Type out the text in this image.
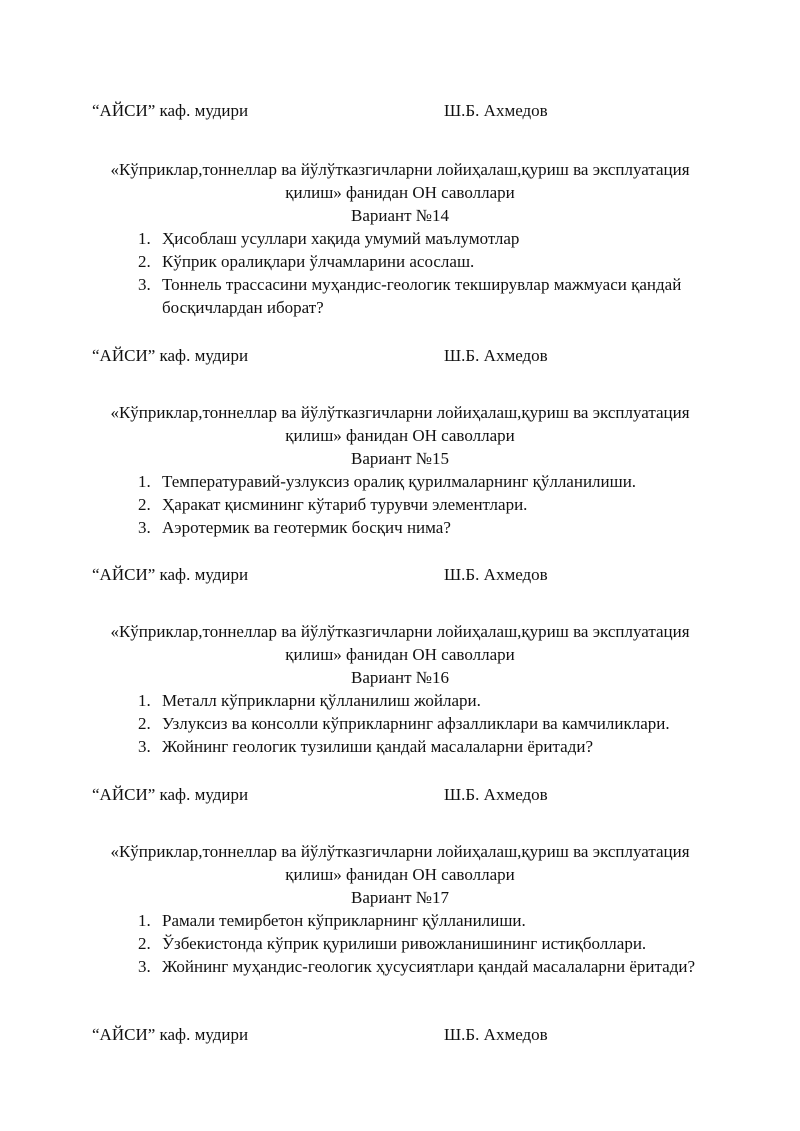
“АЙСИ” каф. мудири	Ш.Б. Ахмедов

«Кўприклар,тоннеллар ва йўлўтказгичларни лойиҳалаш,қуриш ва эксплуатация

қилиш» фанидан ОН саволлари

Вариант №14

1. Ҳисоблаш усуллари хақида умумий маълумотлар
2. Кўприк оралиқлари ўлчамларини асослаш.
3. Тоннель трассасини муҳандис-геологик текширувлар мажмуаси қандай босқичлардан иборат?
“АЙСИ” каф. мудири	Ш.Б. Ахмедов

«Кўприклар,тоннеллар ва йўлўтказгичларни лойиҳалаш,қуриш ва эксплуатация

қилиш» фанидан ОН саволлари

Вариант №15

1. Температуравий-узлуксиз оралиқ қурилмаларнинг қўлланилиши.
2. Ҳаракат қисмининг кўтариб турувчи элементлари.
3. Аэротермик ва геотермик босқич нима?
“АЙСИ” каф. мудири	Ш.Б. Ахмедов

«Кўприклар,тоннеллар ва йўлўтказгичларни лойиҳалаш,қуриш ва эксплуатация

қилиш» фанидан ОН саволлари

Вариант №16

1. Металл кўприкларни қўлланилиш жойлари.
2. Узлуксиз ва консолли кўприкларнинг афзалликлари ва камчиликлари.
3. Жойнинг геологик тузилиши қандай масалаларни ёритади?
“АЙСИ” каф. мудири	Ш.Б. Ахмедов

«Кўприклар,тоннеллар ва йўлўтказгичларни лойиҳалаш,қуриш ва эксплуатация

қилиш» фанидан ОН саволлари

Вариант №17

1. Рамали темирбетон кўприкларнинг қўлланилиши.
2. Ўзбекистонда кўприк қурилиши ривожланишининг истиқболлари.
3. Жойнинг муҳандис-геологик ҳусусиятлари қандай масалаларни ёритади?
“АЙСИ” каф. мудири	Ш.Б. Ахмедов
